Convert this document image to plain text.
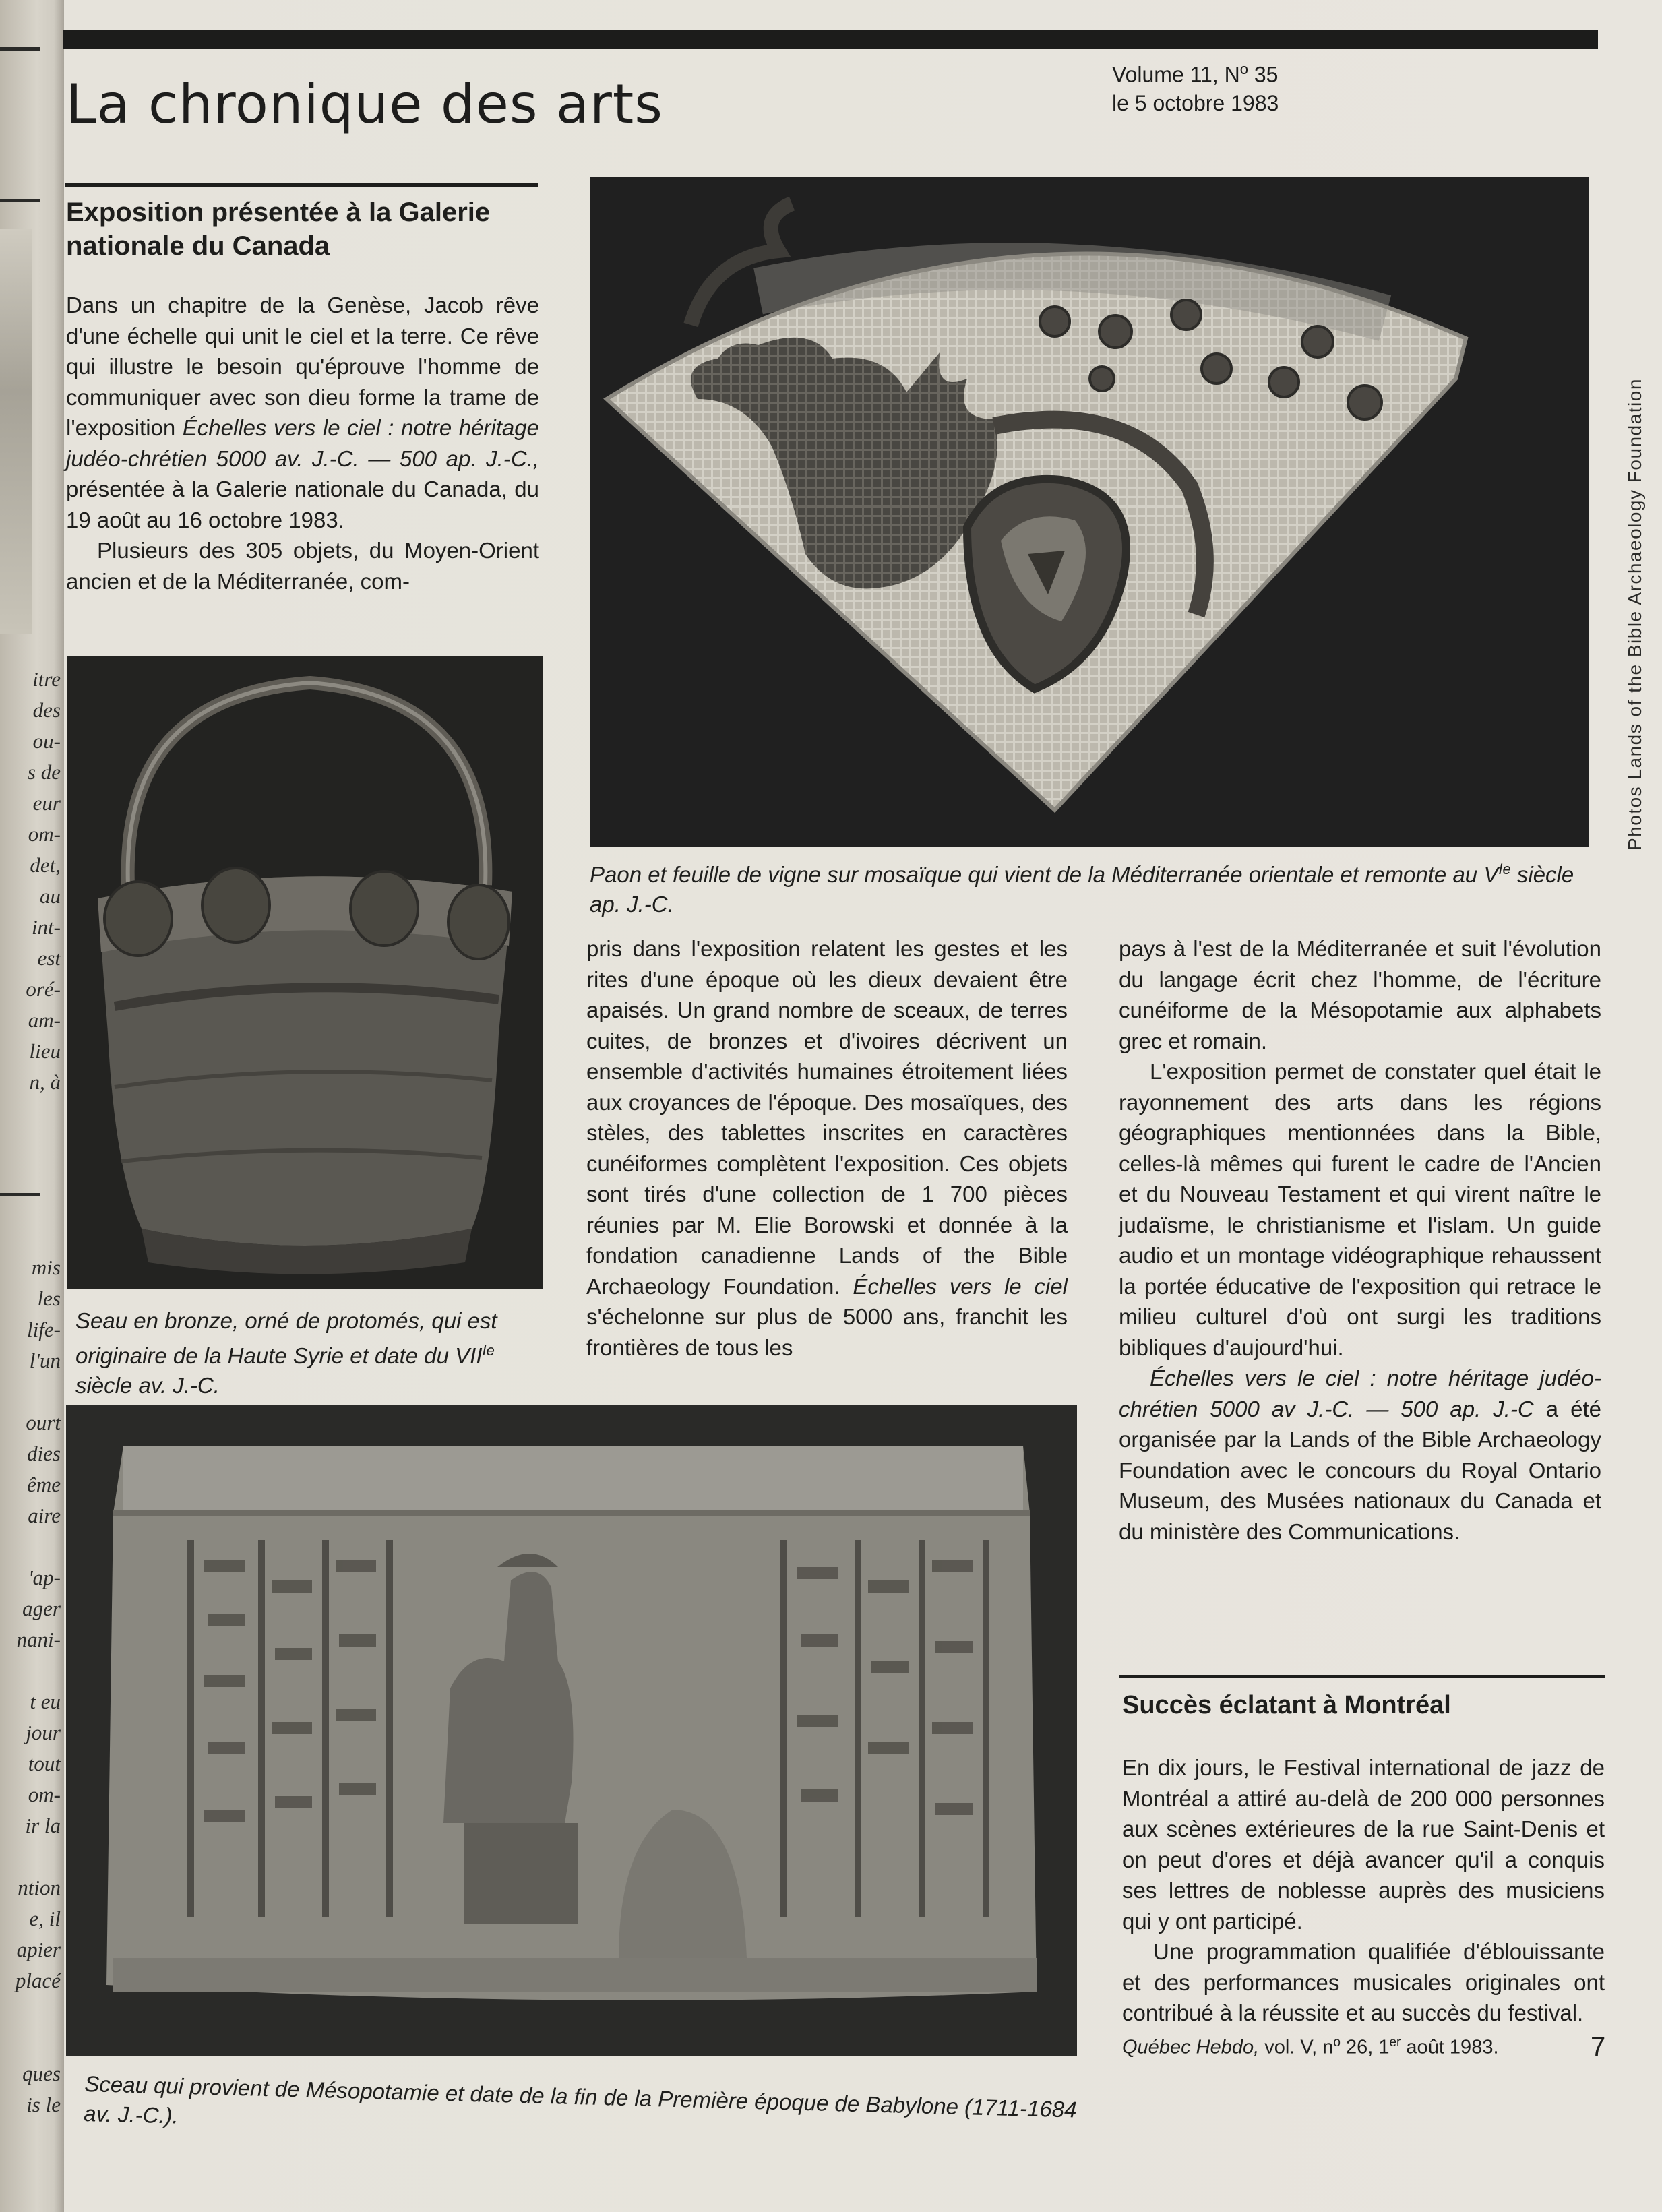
itre
des
ou-
s de
eur
om-
det,
au
int-
est
oré-
am-
lieu
n, à
mis
les
life-
l'un

ourt
dies
ême
aire

'ap-
ager
nani-

t eu
jour
tout
om-
ir la

ntion
e, il
apier
placé

ques
is le
La chronique des arts	Volume 11, $N^o$ 35
le 5 octobre 1983
Exposition présentée à la Galerie
nationale du Canada

Dans un chapitre de la Genèse, Jacob rêve d'une échelle qui unit le ciel et la terre. Ce rêve qui illustre le besoin qu'éprouve l'homme de communiquer avec son dieu forme la trame de l'exposition Échelles vers le ciel : notre héritage judéo-chrétien 5000 av. J.-C. — 500 ap. J.-C., présentée à la Galerie nationale du Canada, du 19 août au 16 octobre 1983.

Plusieurs des 305 objets, du Moyen-Orient ancien et de la Méditerranée, com-	Photos Lands of the Bible Archaeology Foundation
Paon et feuille de vigne sur mosaïque qui vient de la Méditerranée orientale et remonte au $V^{Ie}$ siècle ap. J.-C.
Seau en bronze, orné de protomés, qui est originaire de la Haute Syrie et date du $VII^{Ie}$ siècle av. J.-C.

pris dans l'exposition relatent les gestes et les rites d'une époque où les dieux devaient être apaisés. Un grand nombre de sceaux, de terres cuites, de bronzes et d'ivoires décrivent un ensemble d'activités humaines étroitement liées aux croyances de l'époque. Des mosaïques, des stèles, des tablettes inscrites en caractères cunéiformes complètent l'exposition. Ces objets sont tirés d'une collection de 1 700 pièces réunies par M. Elie Borowski et donnée à la fondation canadienne Lands of the Bible Archaeology Foundation. Échelles vers le ciel s'échelonne sur plus de 5000 ans, franchit les frontières de tous les

pays à l'est de la Méditerranée et suit l'évolution du langage écrit chez l'homme, de l'écriture cunéiforme de la Mésopotamie aux alphabets grec et romain.

L'exposition permet de constater quel était le rayonnement des arts dans les régions géographiques mentionnées dans la Bible, celles-là mêmes qui furent le cadre de l'Ancien et du Nouveau Testament et qui virent naître le judaïsme, le christianisme et l'islam. Un guide audio et un montage vidéographique rehaussent la portée éducative de l'exposition qui retrace le milieu culturel d'où ont surgi les traditions bibliques d'aujourd'hui.

Échelles vers le ciel : notre héritage judéo-chrétien 5000 av J.-C. — 500 ap. J.-C a été organisée par la Lands of the Bible Archaeology Foundation avec le concours du Royal Ontario Museum, des Musées nationaux du Canada et du ministère des Communications.

Sceau qui provient de Mésopotamie et date de la fin de la Première époque de Babylone (1711-1684 av. J.-C.).
Succès éclatant à Montréal

En dix jours, le Festival international de jazz de Montréal a attiré au-delà de 200 000 personnes aux scènes extérieures de la rue Saint-Denis et on peut d'ores et déjà avancer qu'il a conquis ses lettres de noblesse auprès des musiciens qui y ont participé.

Une programmation qualifiée d'éblouissante et des performances musicales originales ont contribué à la réussite et au succès du festival.

Québec Hebdo, vol. V, $n^o$ 26, 1er août 1983.	7
